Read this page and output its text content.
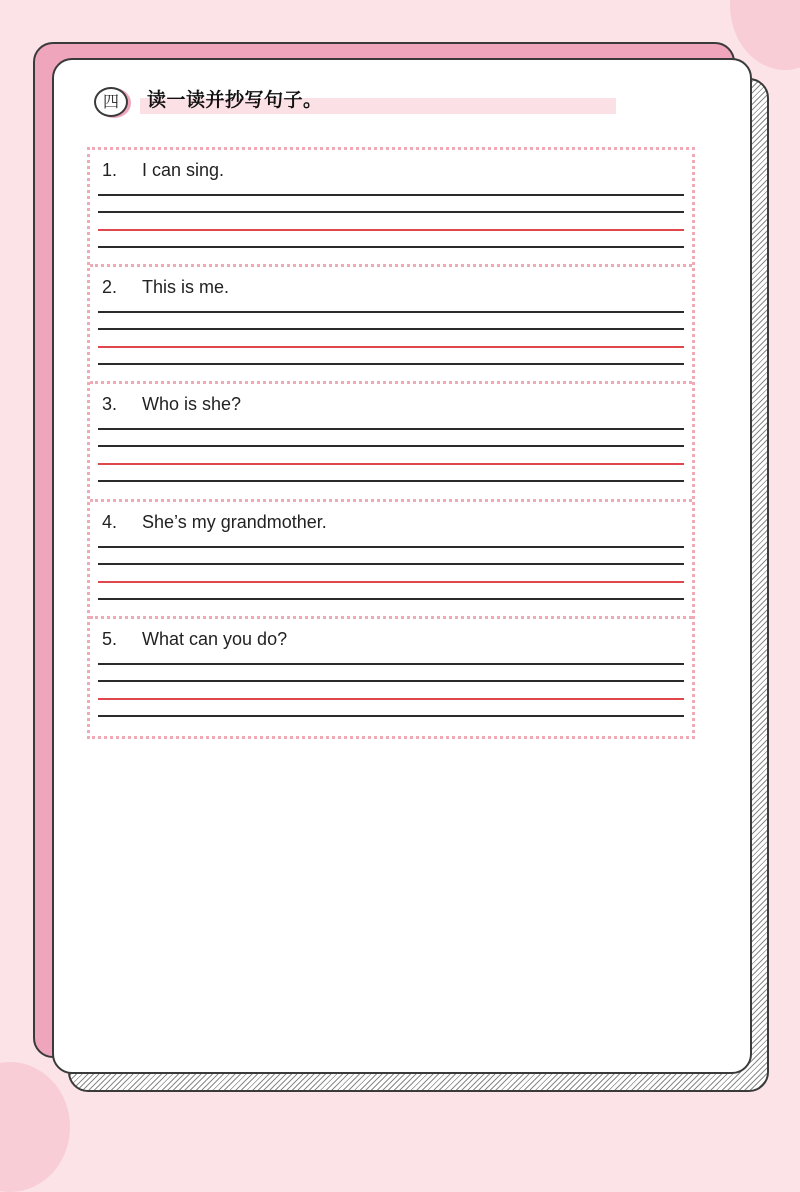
四	读一读并抄写句子。
1. I can sing.
2. This is me.
3. Who is she?
4. She’s my grandmother.
5. What can you do?
